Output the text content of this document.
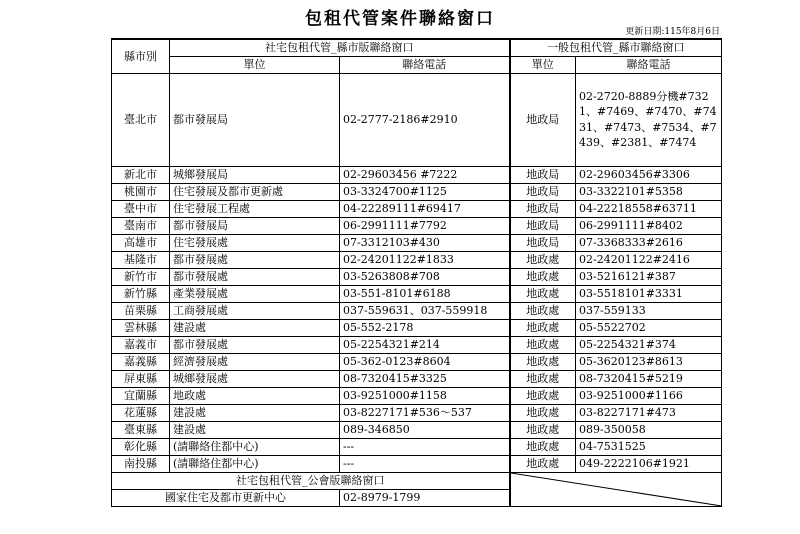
包租代管案件聯絡窗口
更新日期:115年8月6日
縣市別	社宅包租代管_縣市版聯絡窗口		一般包租代管_縣市聯絡窗口	
	單位	聯絡電話	單位	聯絡電話
臺北市	都市發展局	02-2777-2186#2910	地政局	02-2720-8889分機#7321、#7469、#7470、#7431、#7473、#7534、#7439、#2381、#7474
新北市	城鄉發展局	02-29603456 #7222	地政局	02-29603456#3306
桃園市	住宅發展及都市更新處	03-3324700#1125	地政局	03-3322101#5358
臺中市	住宅發展工程處	04-22289111#69417	地政局	04-22218558#63711
臺南市	都市發展局	06-2991111#7792	地政局	06-2991111#8402
高雄市	住宅發展處	07-3312103#430	地政局	07-3368333#2616
基隆市	都市發展處	02-24201122#1833	地政處	02-24201122#2416
新竹市	都市發展處	03-5263808#708	地政處	03-5216121#387
新竹縣	產業發展處	03-551-8101#6188	地政處	03-5518101#3331
苗栗縣	工商發展處	037-559631、037-559918	地政處	037-559133
雲林縣	建設處	05-552-2178	地政處	05-5522702
嘉義市	都市發展處	05-2254321#214	地政處	05-2254321#374
嘉義縣	經濟發展處	05-362-0123#8604	地政處	05-3620123#8613
屏東縣	城鄉發展處	08-7320415#3325	地政處	08-7320415#5219
宜蘭縣	地政處	03-9251000#1158	地政處	03-9251000#1166
花蓮縣	建設處	03-8227171#536～537	地政處	03-8227171#473
臺東縣	建設處	089-346850	地政處	089-350058
彰化縣	(請聯絡住都中心)	---	地政處	04-7531525
南投縣	(請聯絡住都中心)	---	地政處	049-2222106#1921
社宅包租代管_公會版聯絡窗口	

國家住宅及都市更新中心		02-8979-1799		
